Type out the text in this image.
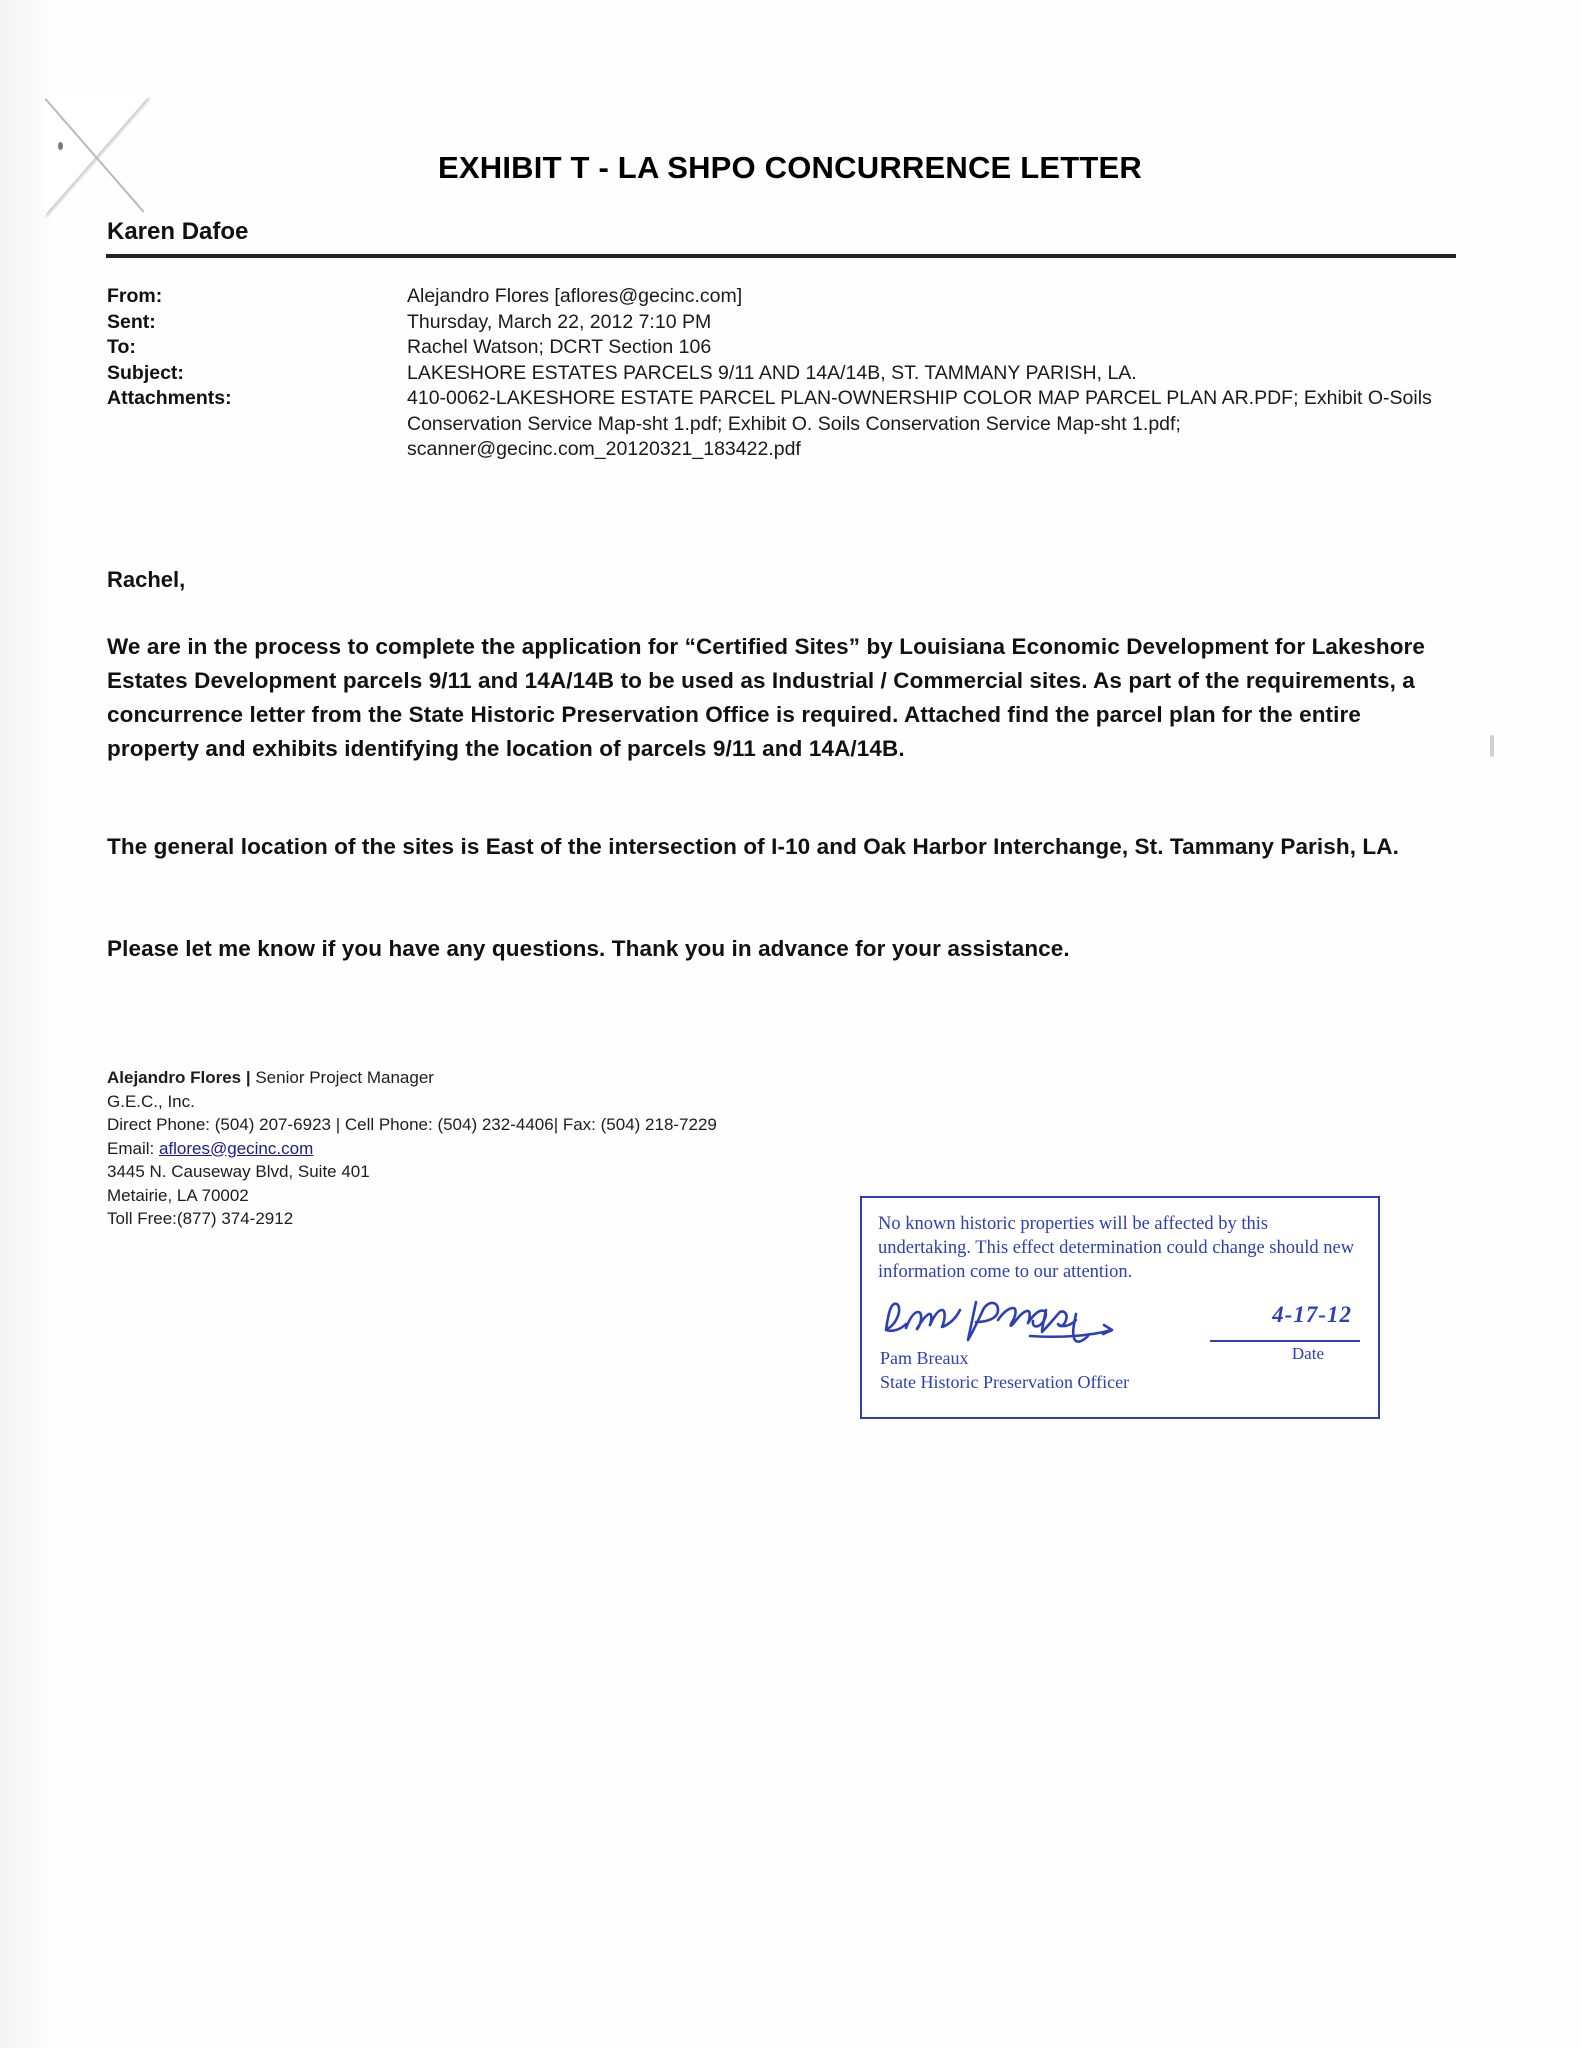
EXHIBIT T - LA SHPO CONCURRENCE LETTER
Karen Dafoe
From:	Alejandro Flores [aflores@gecinc.com]
Sent:	Thursday, March 22, 2012 7:10 PM
To:	Rachel Watson; DCRT Section 106
Subject:	LAKESHORE ESTATES PARCELS 9/11 AND 14A/14B, ST. TAMMANY PARISH, LA.
Attachments:	410-0062-LAKESHORE ESTATE PARCEL PLAN-OWNERSHIP COLOR MAP PARCEL PLAN AR.PDF; Exhibit O-Soils Conservation Service Map-sht 1.pdf; Exhibit O. Soils Conservation Service Map-sht 1.pdf; scanner@gecinc.com_20120321_183422.pdf
Rachel,
We are in the process to complete the application for “Certified Sites” by Louisiana Economic Development for Lakeshore Estates Development parcels 9/11 and 14A/14B to be used as Industrial / Commercial sites. As part of the requirements, a concurrence letter from the State Historic Preservation Office is required. Attached find the parcel plan for the entire property and exhibits identifying the location of parcels 9/11 and 14A/14B.
The general location of the sites is East of the intersection of I-10 and Oak Harbor Interchange, St. Tammany Parish, LA.
Please let me know if you have any questions. Thank you in advance for your assistance.
Alejandro Flores | Senior Project Manager
G.E.C., Inc.
Direct Phone: (504) 207-6923 | Cell Phone: (504) 232-4406| Fax: (504) 218-7229
Email: aflores@gecinc.com
3445 N. Causeway Blvd, Suite 401
Metairie, LA 70002
Toll Free:(877) 374-2912	No known historic properties will be affected by this undertaking. This effect determination could change should new information come to our attention.
4-17-12
Date
Pam Breaux
State Historic Preservation Officer
